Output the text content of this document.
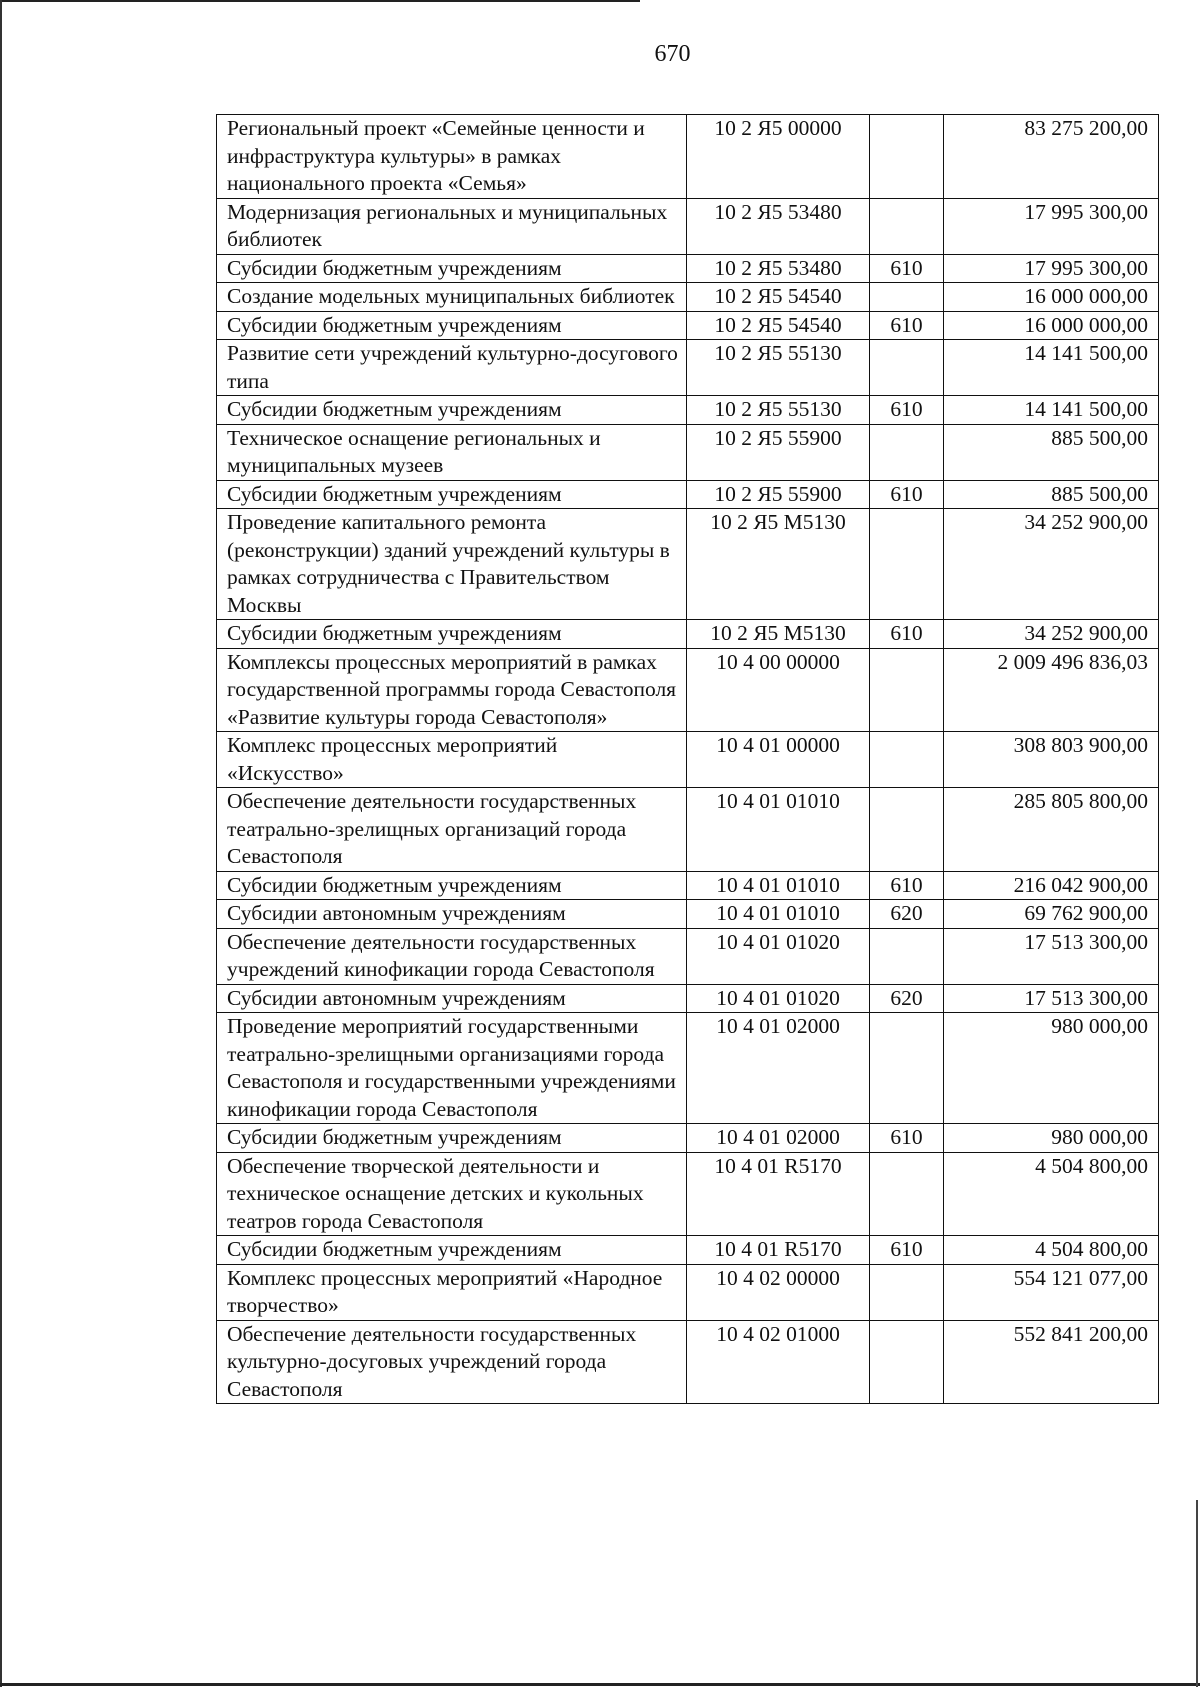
670
Региональный проект «Семейные ценности и инфраструктура культуры» в рамках национального проекта «Семья»	10 2 Я5 00000		83 275 200,00
Модернизация региональных и муниципальных библиотек	10 2 Я5 53480		17 995 300,00
Субсидии бюджетным учреждениям	10 2 Я5 53480	610	17 995 300,00
Создание модельных муниципальных библиотек	10 2 Я5 54540		16 000 000,00
Субсидии бюджетным учреждениям	10 2 Я5 54540	610	16 000 000,00
Развитие сети учреждений культурно-досугового типа	10 2 Я5 55130		14 141 500,00
Субсидии бюджетным учреждениям	10 2 Я5 55130	610	14 141 500,00
Техническое оснащение региональных и муниципальных музеев	10 2 Я5 55900		885 500,00
Субсидии бюджетным учреждениям	10 2 Я5 55900	610	885 500,00
Проведение капитального ремонта (реконструкции) зданий учреждений культуры в рамках сотрудничества с Правительством Москвы	10 2 Я5 М5130		34 252 900,00
Субсидии бюджетным учреждениям	10 2 Я5 М5130	610	34 252 900,00
Комплексы процессных мероприятий в рамках государственной программы города Севастополя «Развитие культуры города Севастополя»	10 4 00 00000		2 009 496 836,03
Комплекс процессных мероприятий «Искусство»	10 4 01 00000		308 803 900,00
Обеспечение деятельности государственных театрально-зрелищных организаций города Севастополя	10 4 01 01010		285 805 800,00
Субсидии бюджетным учреждениям	10 4 01 01010	610	216 042 900,00
Субсидии автономным учреждениям	10 4 01 01010	620	69 762 900,00
Обеспечение деятельности государственных учреждений кинофикации города Севастополя	10 4 01 01020		17 513 300,00
Субсидии автономным учреждениям	10 4 01 01020	620	17 513 300,00
Проведение мероприятий государственными театрально-зрелищными организациями города Севастополя и государственными учреждениями кинофикации города Севастополя	10 4 01 02000		980 000,00
Субсидии бюджетным учреждениям	10 4 01 02000	610	980 000,00
Обеспечение творческой деятельности и техническое оснащение детских и кукольных театров города Севастополя	10 4 01 R5170		4 504 800,00
Субсидии бюджетным учреждениям	10 4 01 R5170	610	4 504 800,00
Комплекс процессных мероприятий «Народное творчество»	10 4 02 00000		554 121 077,00
Обеспечение деятельности государственных культурно-досуговых учреждений города Севастополя	10 4 02 01000		552 841 200,00
